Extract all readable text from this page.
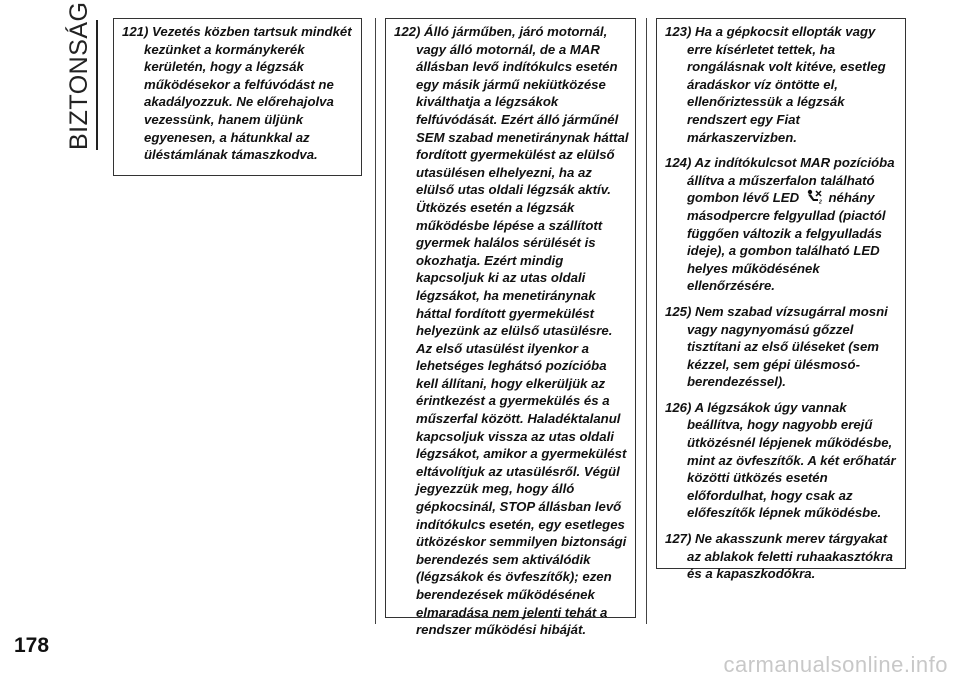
BIZTONSÁG 121) Vezetés közben tartsuk mindkét kezünket a kormánykerék kerületén, hogy a légzsák működésekor a felfúvódást ne akadályozzuk. Ne előrehajolva vezessünk, hanem üljünk egyenesen, a hátunkkal az üléstámlának támaszkodva.

122) Álló járműben, járó motornál, vagy álló motornál, de a MAR állásban levő indítókulcs esetén egy másik jármű nekiütközése kiválthatja a légzsákok felfúvódását. Ezért álló járműnél SEM szabad menetiránynak háttal fordított gyermekülést az elülső utasülésen elhelyezni, ha az elülső utas oldali légzsák aktív. Ütközés esetén a légzsák működésbe lépése a szállított gyermek halálos sérülését is okozhatja. Ezért mindig kapcsoljuk ki az utas oldali légzsákot, ha menetiránynak háttal fordított gyermekülést helyezünk az elülső utasülésre. Az első utasülést ilyenkor a lehetséges leghátsó pozícióba kell állítani, hogy elkerüljük az érintkezést a gyermekülés és a műszerfal között. Haladéktalanul kapcsoljuk vissza az utas oldali légzsákot, amikor a gyermekülést eltávolítjuk az utasülésről. Végül jegyezzük meg, hogy álló gépkocsinál, STOP állásban levő indítókulcs esetén, egy esetleges ütközéskor semmilyen biztonsági berendezés sem aktiválódik (légzsákok és övfeszítők); ezen berendezések működésének elmaradása nem jelenti tehát a rendszer működési hibáját.

123) Ha a gépkocsit ellopták vagy erre kísérletet tettek, ha rongálásnak volt kitéve, esetleg áradáskor víz öntötte el, ellenőriztessük a légzsák rendszert egy Fiat márkaszervizben.

124) Az indítókulcsot MAR pozícióba állítva a műszerfalon található gombon lévő LED	2 néhány másodpercre felgyullad (piactól függően változik a felgyulladás ideje), a gombon található LED helyes működésének ellenőrzésére.

125) Nem szabad vízsugárral mosni vagy nagynyomású gőzzel tisztítani az első üléseket (sem kézzel, sem gépi ülésmosó-berendezéssel).

126) A légzsákok úgy vannak beállítva, hogy nagyobb erejű ütközésnél lépjenek működésbe, mint az övfeszítők. A két erőhatár közötti ütközés esetén előfordulhat, hogy csak az előfeszítők lépnek működésbe.

127) Ne akasszunk merev tárgyakat az ablakok feletti ruhaakasztókra és a kapaszkodókra.

178
carmanualsonline.info
